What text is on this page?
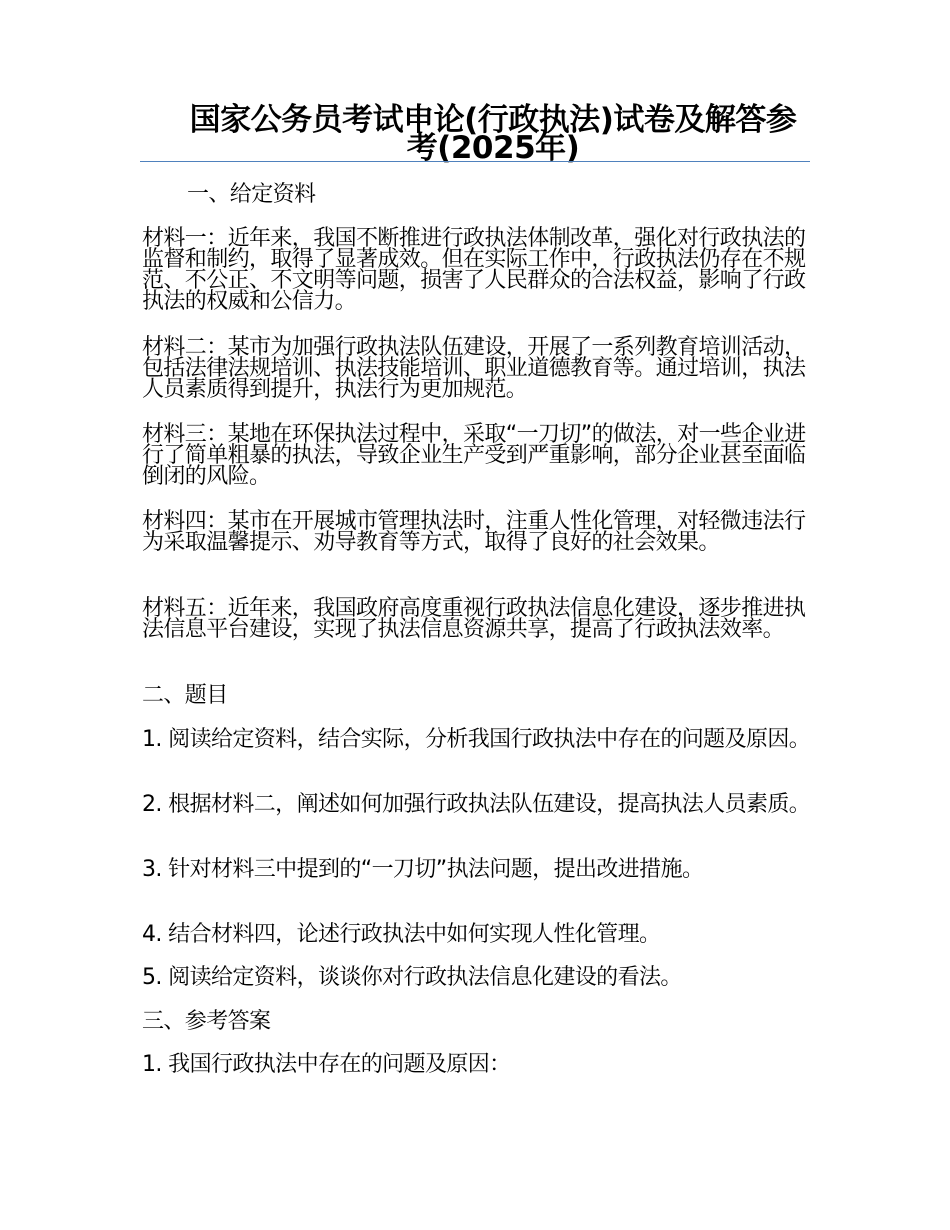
国家公务员考试申论(行政执法)试卷及解答参考(2025年)

一、给定资料

材料一：近年来，我国不断推进行政执法体制改革，强化对行政执法的监督和制约，取得了显著成效。但在实际工作中，行政执法仍存在不规范、不公正、不文明等问题，损害了人民群众的合法权益，影响了行政执法的权威和公信力。

材料二：某市为加强行政执法队伍建设，开展了一系列教育培训活动，包括法律法规培训、执法技能培训、职业道德教育等。通过培训，执法人员素质得到提升，执法行为更加规范。

材料三：某地在环保执法过程中，采取“一刀切”的做法，对一些企业进行了简单粗暴的执法，导致企业生产受到严重影响，部分企业甚至面临倒闭的风险。

材料四：某市在开展城市管理执法时，注重人性化管理，对轻微违法行为采取温馨提示、劝导教育等方式，取得了良好的社会效果。

材料五：近年来，我国政府高度重视行政执法信息化建设，逐步推进执法信息平台建设，实现了执法信息资源共享，提高了行政执法效率。

二、题目

1. 阅读给定资料，结合实际，分析我国行政执法中存在的问题及原因。

2. 根据材料二，阐述如何加强行政执法队伍建设，提高执法人员素质。

3. 针对材料三中提到的“一刀切”执法问题，提出改进措施。

4. 结合材料四，论述行政执法中如何实现人性化管理。

5. 阅读给定资料，谈谈你对行政执法信息化建设的看法。

三、参考答案

1. 我国行政执法中存在的问题及原因：
